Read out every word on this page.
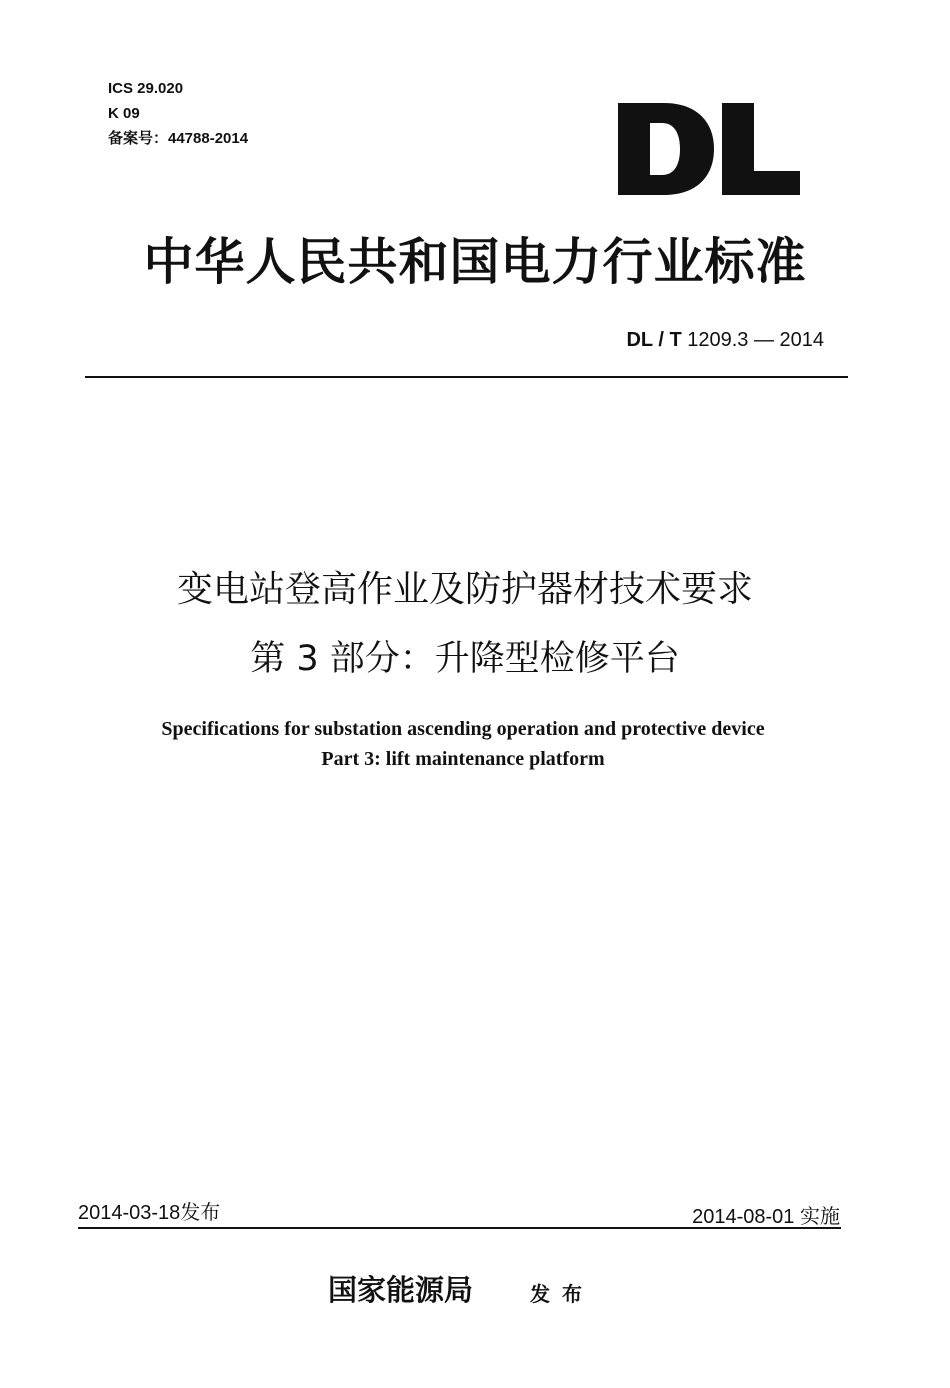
ICS 29.020
K 09
备案号：44788-2014
中华人民共和国电力行业标准
DL / T 1209.3 — 2014
变电站登高作业及防护器材技术要求
第 3 部分：升降型检修平台
Specifications for substation ascending operation and protective device
Part 3: lift maintenance platform
2014-03-18发布	2014-08-01 实施
国家能源局	发布
